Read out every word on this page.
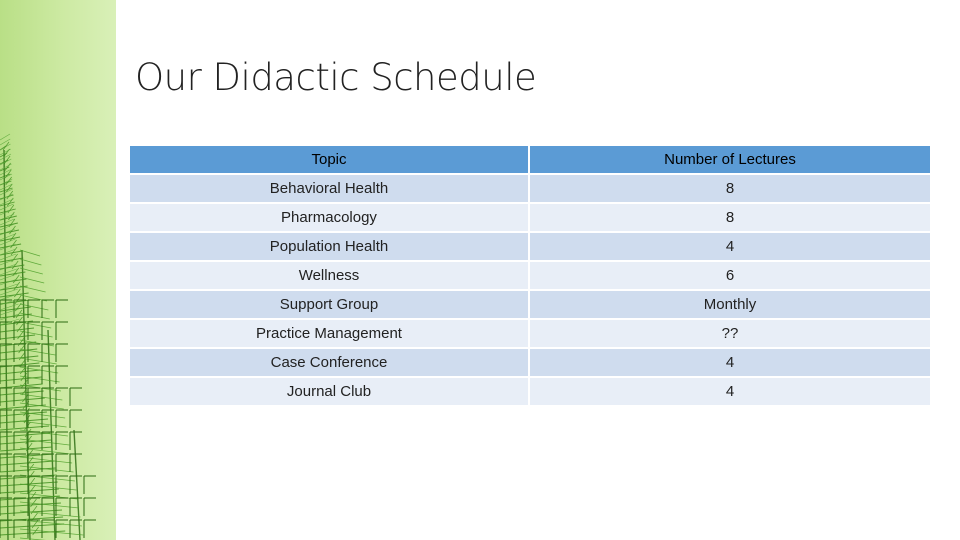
Our Didactic Schedule
Topic	Number of Lectures
Behavioral Health	8
Pharmacology	8
Population Health	4
Wellness	6
Support Group	Monthly
Practice Management	??
Case Conference	4
Journal Club	4
